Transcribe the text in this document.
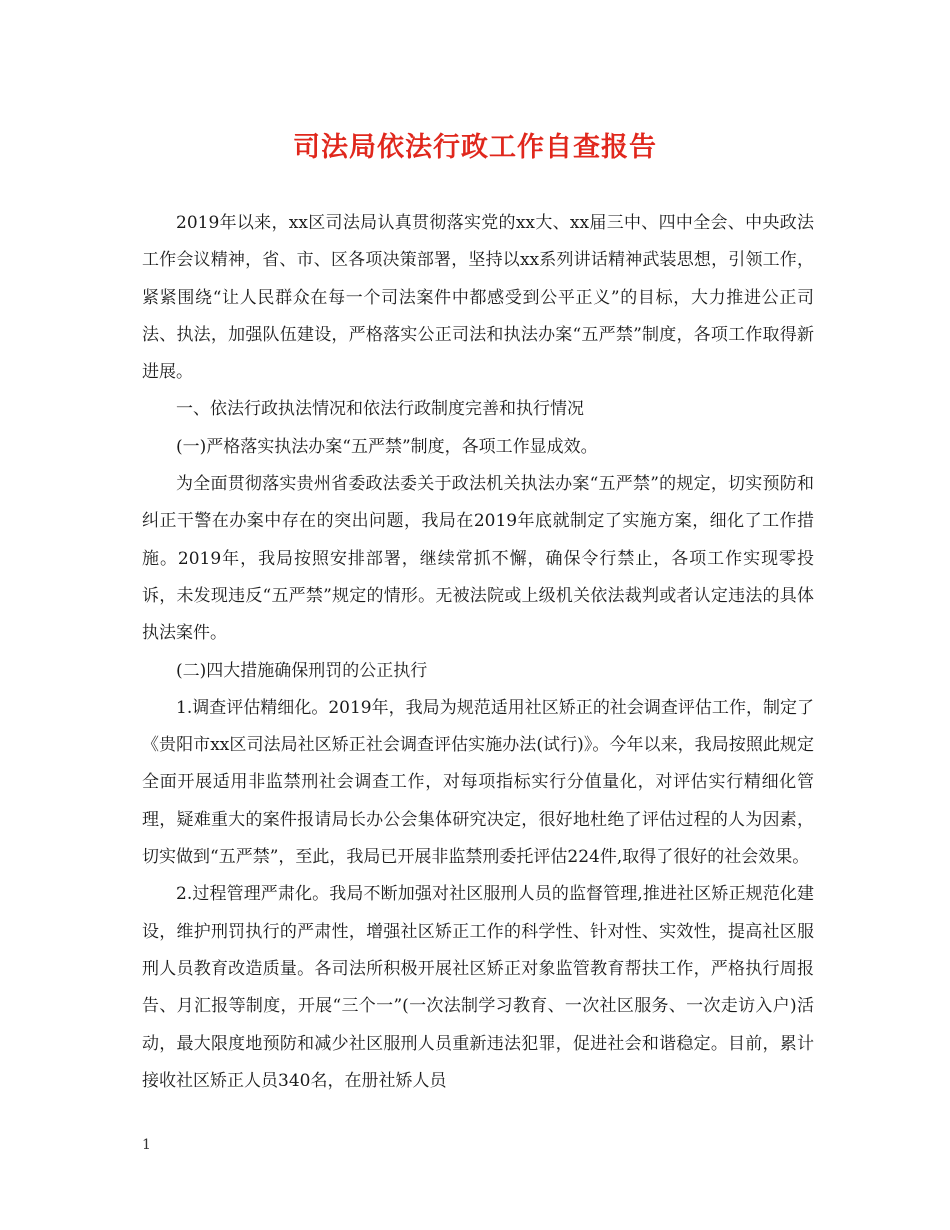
司法局依法行政工作自查报告

2019年以来，xx区司法局认真贯彻落实党的xx大、xx届三中、四中全会、中央政法工作会议精神，省、市、区各项决策部署，坚持以xx系列讲话精神武装思想，引领工作，紧紧围绕“让人民群众在每一个司法案件中都感受到公平正义”的目标，大力推进公正司法、执法，加强队伍建设，严格落实公正司法和执法办案“五严禁”制度，各项工作取得新进展。

一、依法行政执法情况和依法行政制度完善和执行情况

(一)严格落实执法办案“五严禁”制度，各项工作显成效。

为全面贯彻落实贵州省委政法委关于政法机关执法办案“五严禁”的规定，切实预防和纠正干警在办案中存在的突出问题，我局在2019年底就制定了实施方案，细化了工作措施。2019年，我局按照安排部署，继续常抓不懈，确保令行禁止，各项工作实现零投诉，未发现违反“五严禁”规定的情形。无被法院或上级机关依法裁判或者认定违法的具体执法案件。

(二)四大措施确保刑罚的公正执行

1.调查评估精细化。2019年，我局为规范适用社区矫正的社会调查评估工作，制定了《贵阳市xx区司法局社区矫正社会调查评估实施办法(试行)》。今年以来，我局按照此规定全面开展适用非监禁刑社会调查工作，对每项指标实行分值量化，对评估实行精细化管理，疑难重大的案件报请局长办公会集体研究决定，很好地杜绝了评估过程的人为因素，切实做到“五严禁”，至此，我局已开展非监禁刑委托评估224件,取得了很好的社会效果。

2.过程管理严肃化。我局不断加强对社区服刑人员的监督管理,推进社区矫正规范化建设，维护刑罚执行的严肃性，增强社区矫正工作的科学性、针对性、实效性，提高社区服刑人员教育改造质量。各司法所积极开展社区矫正对象监管教育帮扶工作，严格执行周报告、月汇报等制度，开展“三个一”(一次法制学习教育、一次社区服务、一次走访入户)活动，最大限度地预防和减少社区服刑人员重新违法犯罪，促进社会和谐稳定。目前，累计接收社区矫正人员340名，在册社矫人员

1
